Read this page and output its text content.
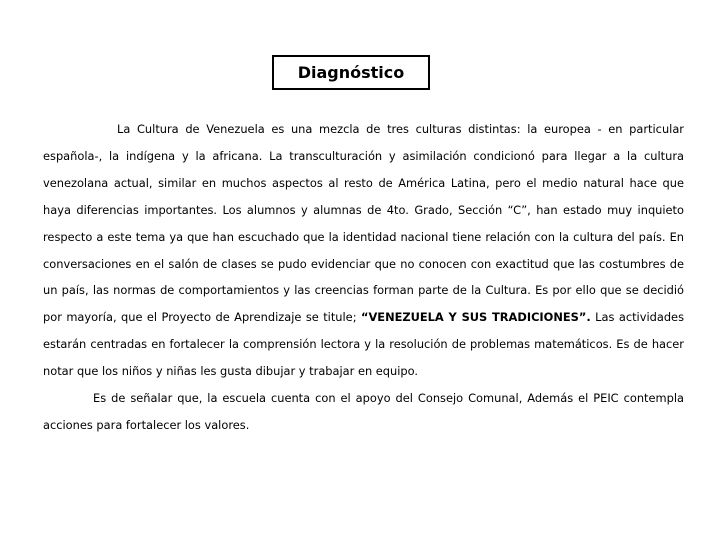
Diagnóstico

La Cultura de Venezuela es una mezcla de tres culturas distintas: la europea - en particular española-, la indígena y la africana. La transculturación y asimilación condicionó para llegar a la cultura venezolana actual, similar en muchos aspectos al resto de América Latina, pero el medio natural hace que haya diferencias importantes. Los alumnos y alumnas de 4to. Grado, Sección “C”, han estado muy inquieto respecto a este tema ya que han escuchado que la identidad nacional tiene relación con la cultura del país. En conversaciones en el salón de clases se pudo evidenciar que no conocen con exactitud que las costumbres de un país, las normas de comportamientos y las creencias forman parte de la Cultura. Es por ello que se decidió por mayoría, que el Proyecto de Aprendizaje se titule; “VENEZUELA Y SUS TRADICIONES”. Las actividades estarán centradas en fortalecer la comprensión lectora y la resolución de problemas matemáticos. Es de hacer notar que los niños y niñas les gusta dibujar y trabajar en equipo.

Es de señalar que, la escuela cuenta con el apoyo del Consejo Comunal, Además el PEIC contempla acciones para fortalecer los valores.
